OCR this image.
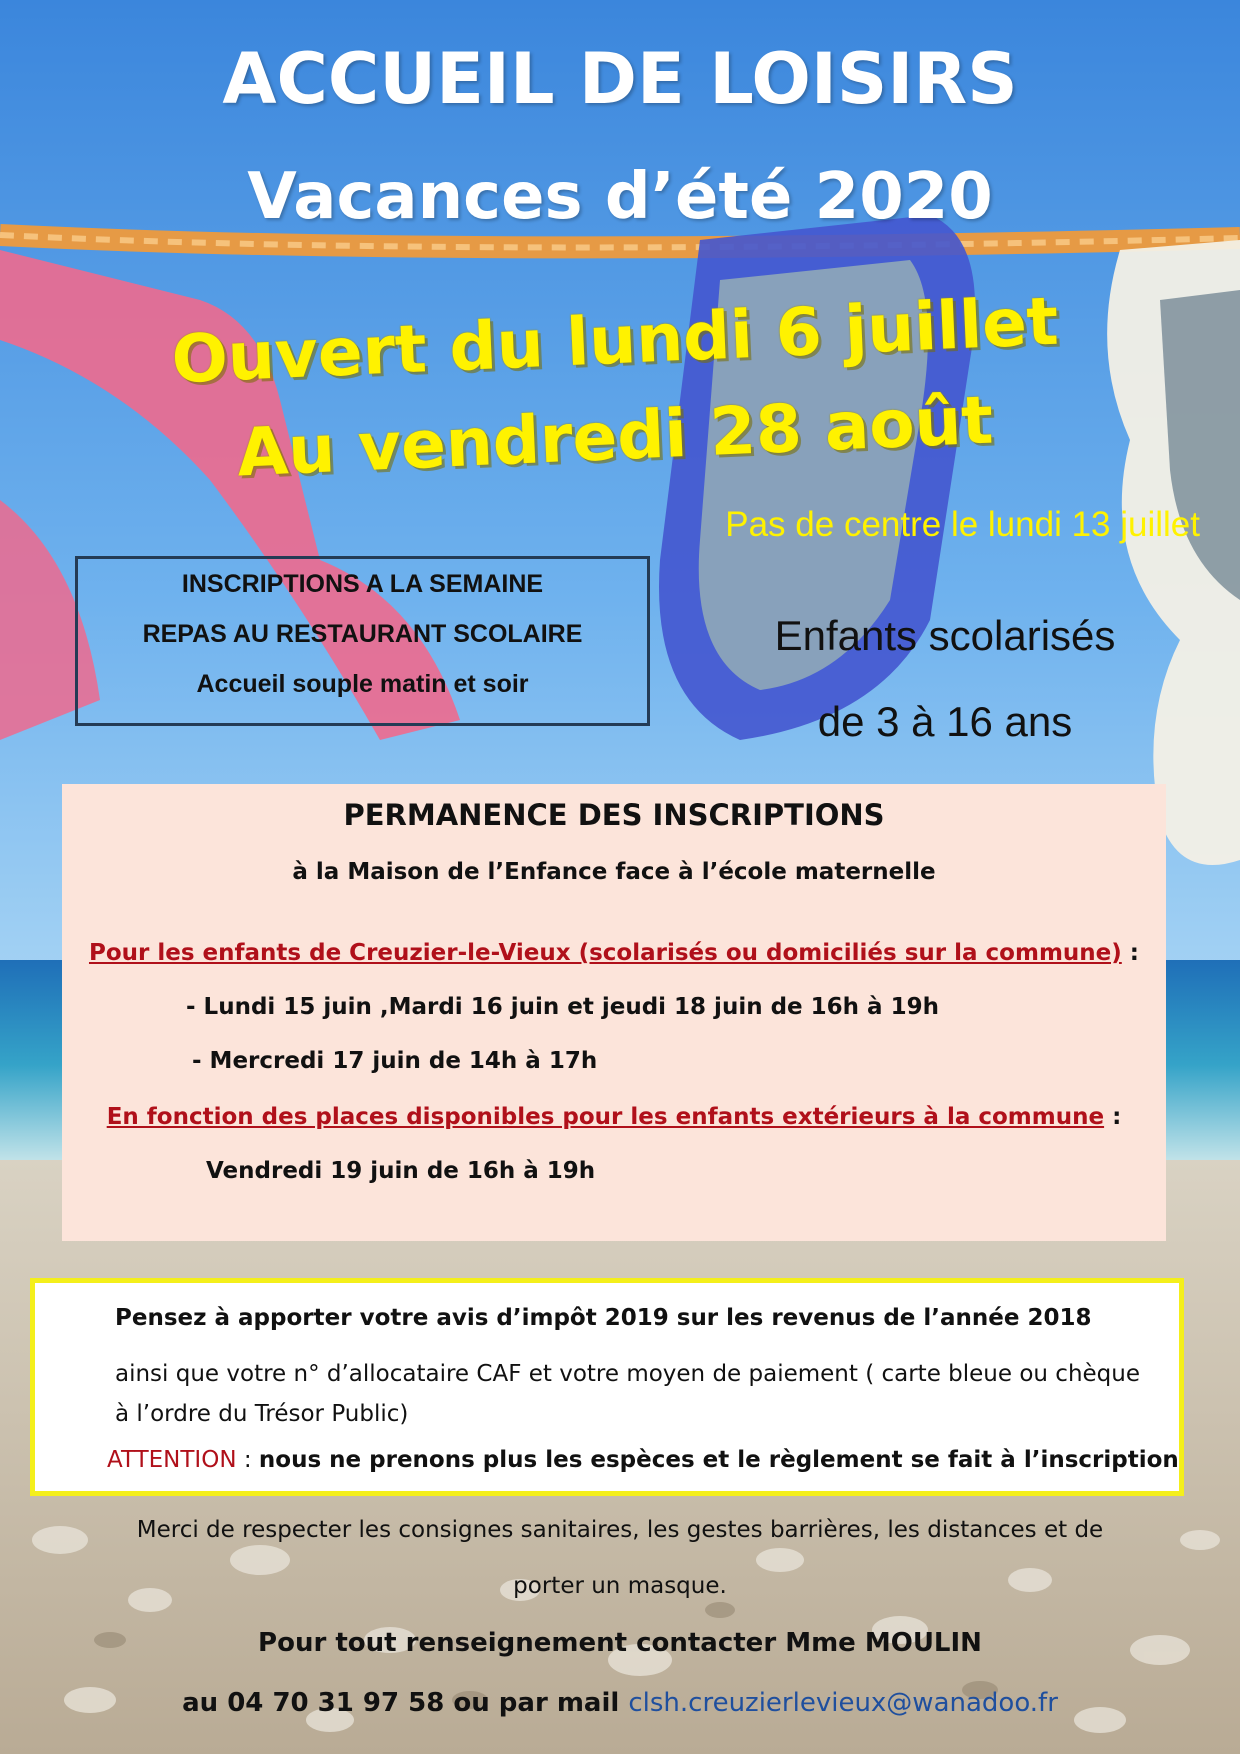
ACCUEIL DE LOISIRS
Vacances d’été 2020
Ouvert du lundi 6 juillet
Au vendredi 28 août
Pas de centre le lundi 13 juillet
INSCRIPTIONS A LA SEMAINE
REPAS AU RESTAURANT SCOLAIRE
Accueil souple matin et soir
Enfants scolarisés
de 3 à 16 ans
PERMANENCE DES INSCRIPTIONS
à la Maison de l’Enfance face à l’école maternelle
Pour les enfants de Creuzier-le-Vieux (scolarisés ou domiciliés sur la commune) :
- Lundi 15 juin ,Mardi 16 juin et jeudi 18 juin de 16h à 19h
- Mercredi 17 juin de 14h à 17h
En fonction des places disponibles pour les enfants extérieurs à la commune :
Vendredi 19 juin de 16h à 19h
Pensez à apporter votre avis d’impôt 2019 sur les revenus de l’année 2018
ainsi que votre n° d’allocataire CAF et votre moyen de paiement ( carte bleue ou chèque
à l’ordre du Trésor Public)
ATTENTION : nous ne prenons plus les espèces et le règlement se fait à l’inscription
Merci de respecter les consignes sanitaires, les gestes barrières, les distances et de
porter un masque.
Pour tout renseignement contacter Mme MOULIN
au 04 70 31 97 58 ou par mail clsh.creuzierlevieux@wanadoo.fr
